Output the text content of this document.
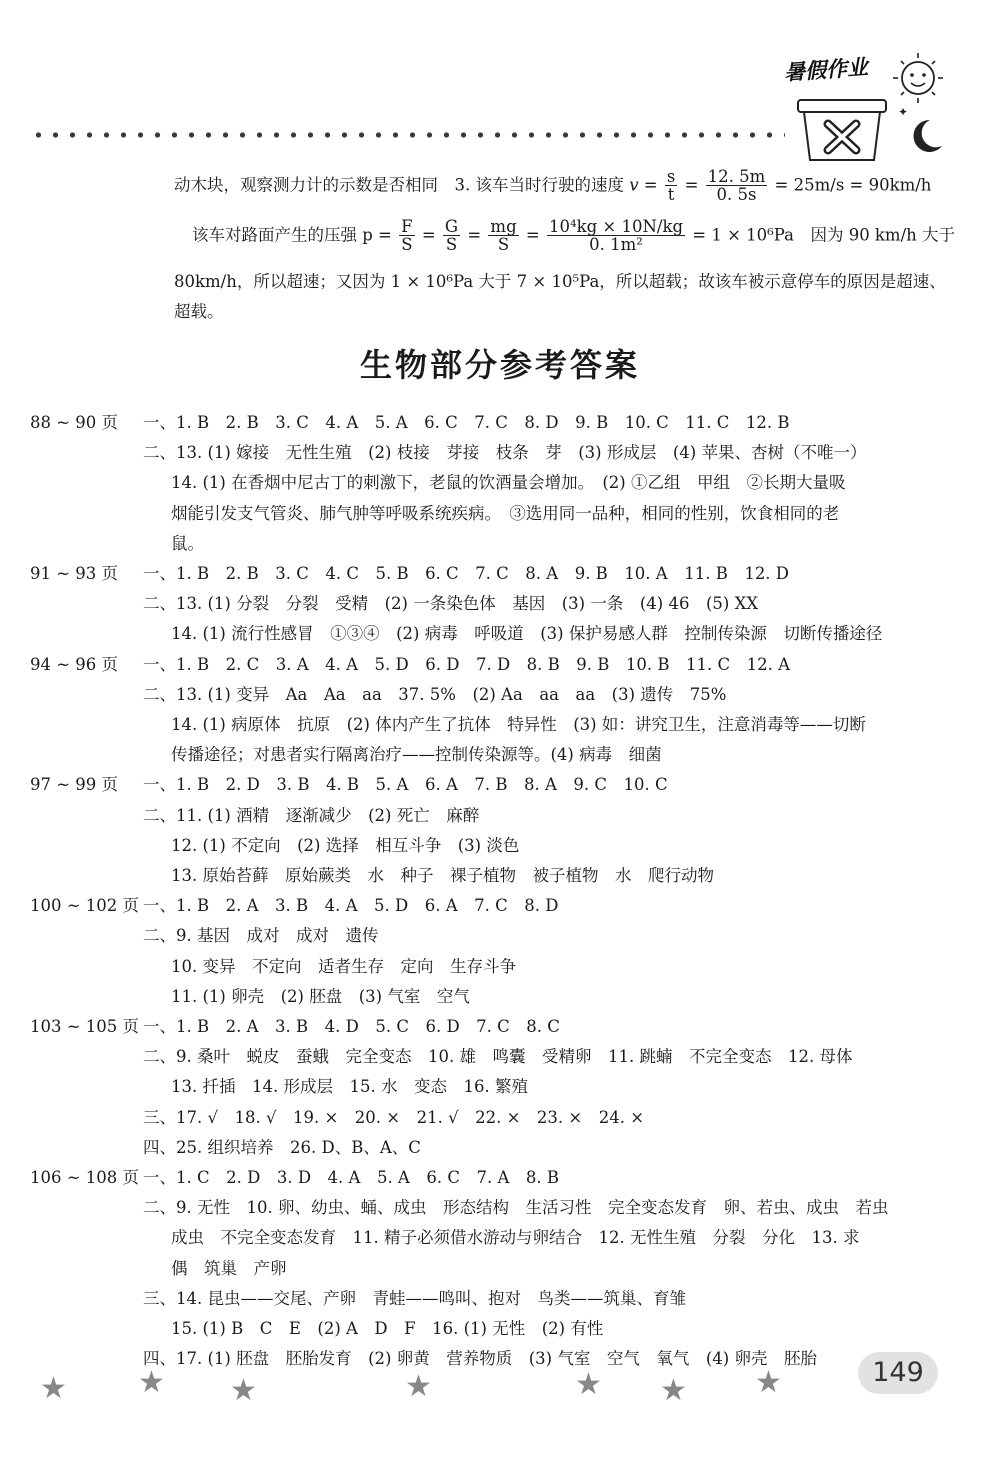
暑假作业
✦
动木块，观察测力计的示数是否相同　3. 该车当时行驶的速度 $v = \frac{s}{t} = \frac{12. 5m}{0. 5s} = 25m/s = 90km/h$
该车对路面产生的压强 $p = \frac{F}{S} = \frac{G}{S} = \frac{mg}{S} = \frac{\text{10⁴kg × 10N/kg}}{\text{0. 1m²}} = 1 \times 10^6Pa$　因为 90 km/h 大于
80km/h，所以超速；又因为 1 × 10⁶Pa 大于 7 × 10⁵Pa，所以超载；故该车被示意停车的原因是超速、
超载。
生物部分参考答案
88 ~ 90 页	一、1. B　2. B　3. C　4. A　5. A　6. C　7. C　8. D　9. B　10. C　11. C　12. B
二、13. (1) 嫁接　无性生殖　(2) 枝接　芽接　枝条　芽　(3) 形成层　(4) 苹果、杏树（不唯一）
14. (1) 在香烟中尼古丁的刺激下，老鼠的饮酒量会增加。　(2) ①乙组　甲组　②长期大量吸
烟能引发支气管炎、肺气肿等呼吸系统疾病。　③选用同一品种，相同的性别，饮食相同的老
鼠。
91 ~ 93 页	一、1. B　2. B　3. C　4. C　5. B　6. C　7. C　8. A　9. B　10. A　11. B　12. D
二、13. (1) 分裂　分裂　受精　(2) 一条染色体　基因　(3) 一条　(4) 46　(5) XX
14. (1) 流行性感冒　①③④　(2) 病毒　呼吸道　(3) 保护易感人群　控制传染源　切断传播途径
94 ~ 96 页	一、1. B　2. C　3. A　4. A　5. D　6. D　7. D　8. B　9. B　10. B　11. C　12. A
二、13. (1) 变异　Aa　Aa　aa　37. 5%　(2) Aa　aa　aa　(3) 遗传　75%
14. (1) 病原体　抗原　(2) 体内产生了抗体　特异性　(3) 如：讲究卫生，注意消毒等——切断
传播途径；对患者实行隔离治疗——控制传染源等。(4) 病毒　细菌
97 ~ 99 页	一、1. B　2. D　3. B　4. B　5. A　6. A　7. B　8. A　9. C　10. C
二、11. (1) 酒精　逐渐减少　(2) 死亡　麻醉
12. (1) 不定向　(2) 选择　相互斗争　(3) 淡色
13. 原始苔藓　原始蕨类　水　种子　裸子植物　被子植物　水　爬行动物
100 ~ 102 页 一、1. B　2. A　3. B　4. A　5. D　6. A　7. C　8. D
二、9. 基因　成对　成对　遗传
10. 变异　不定向　适者生存　定向　生存斗争
11. (1) 卵壳　(2) 胚盘　(3) 气室　空气
103 ~ 105 页 一、1. B　2. A　3. B　4. D　5. C　6. D　7. C　8. C
二、9. 桑叶　蜕皮　蚕蛾　完全变态　10. 雄　鸣囊　受精卵　11. 跳蝻　不完全变态　12. 母体
13. 扦插　14. 形成层　15. 水　变态　16. 繁殖
三、17. √　18. √　19. ×　20. ×　21. √　22. ×　23. ×　24. ×
四、25. 组织培养　26. D、B、A、C
106 ~ 108 页 一、1. C　2. D　3. D　4. A　5. A　6. C　7. A　8. B
二、9. 无性　10. 卵、幼虫、蛹、成虫　形态结构　生活习性　完全变态发育　卵、若虫、成虫　若虫
成虫　不完全变态发育　11. 精子必须借水游动与卵结合　12. 无性生殖　分裂　分化　13. 求
偶　筑巢　产卵
三、14. 昆虫——交尾、产卵　青蛙——鸣叫、抱对　鸟类——筑巢、育雏
15. (1) B　C　E　(2) A　D　F　16. (1) 无性　(2) 有性
四、17. (1) 胚盘　胚胎发育　(2) 卵黄　营养物质　(3) 气室　空气　氧气　(4) 卵壳　胚胎
★ ★ ★	★	★ ★ ★	149
